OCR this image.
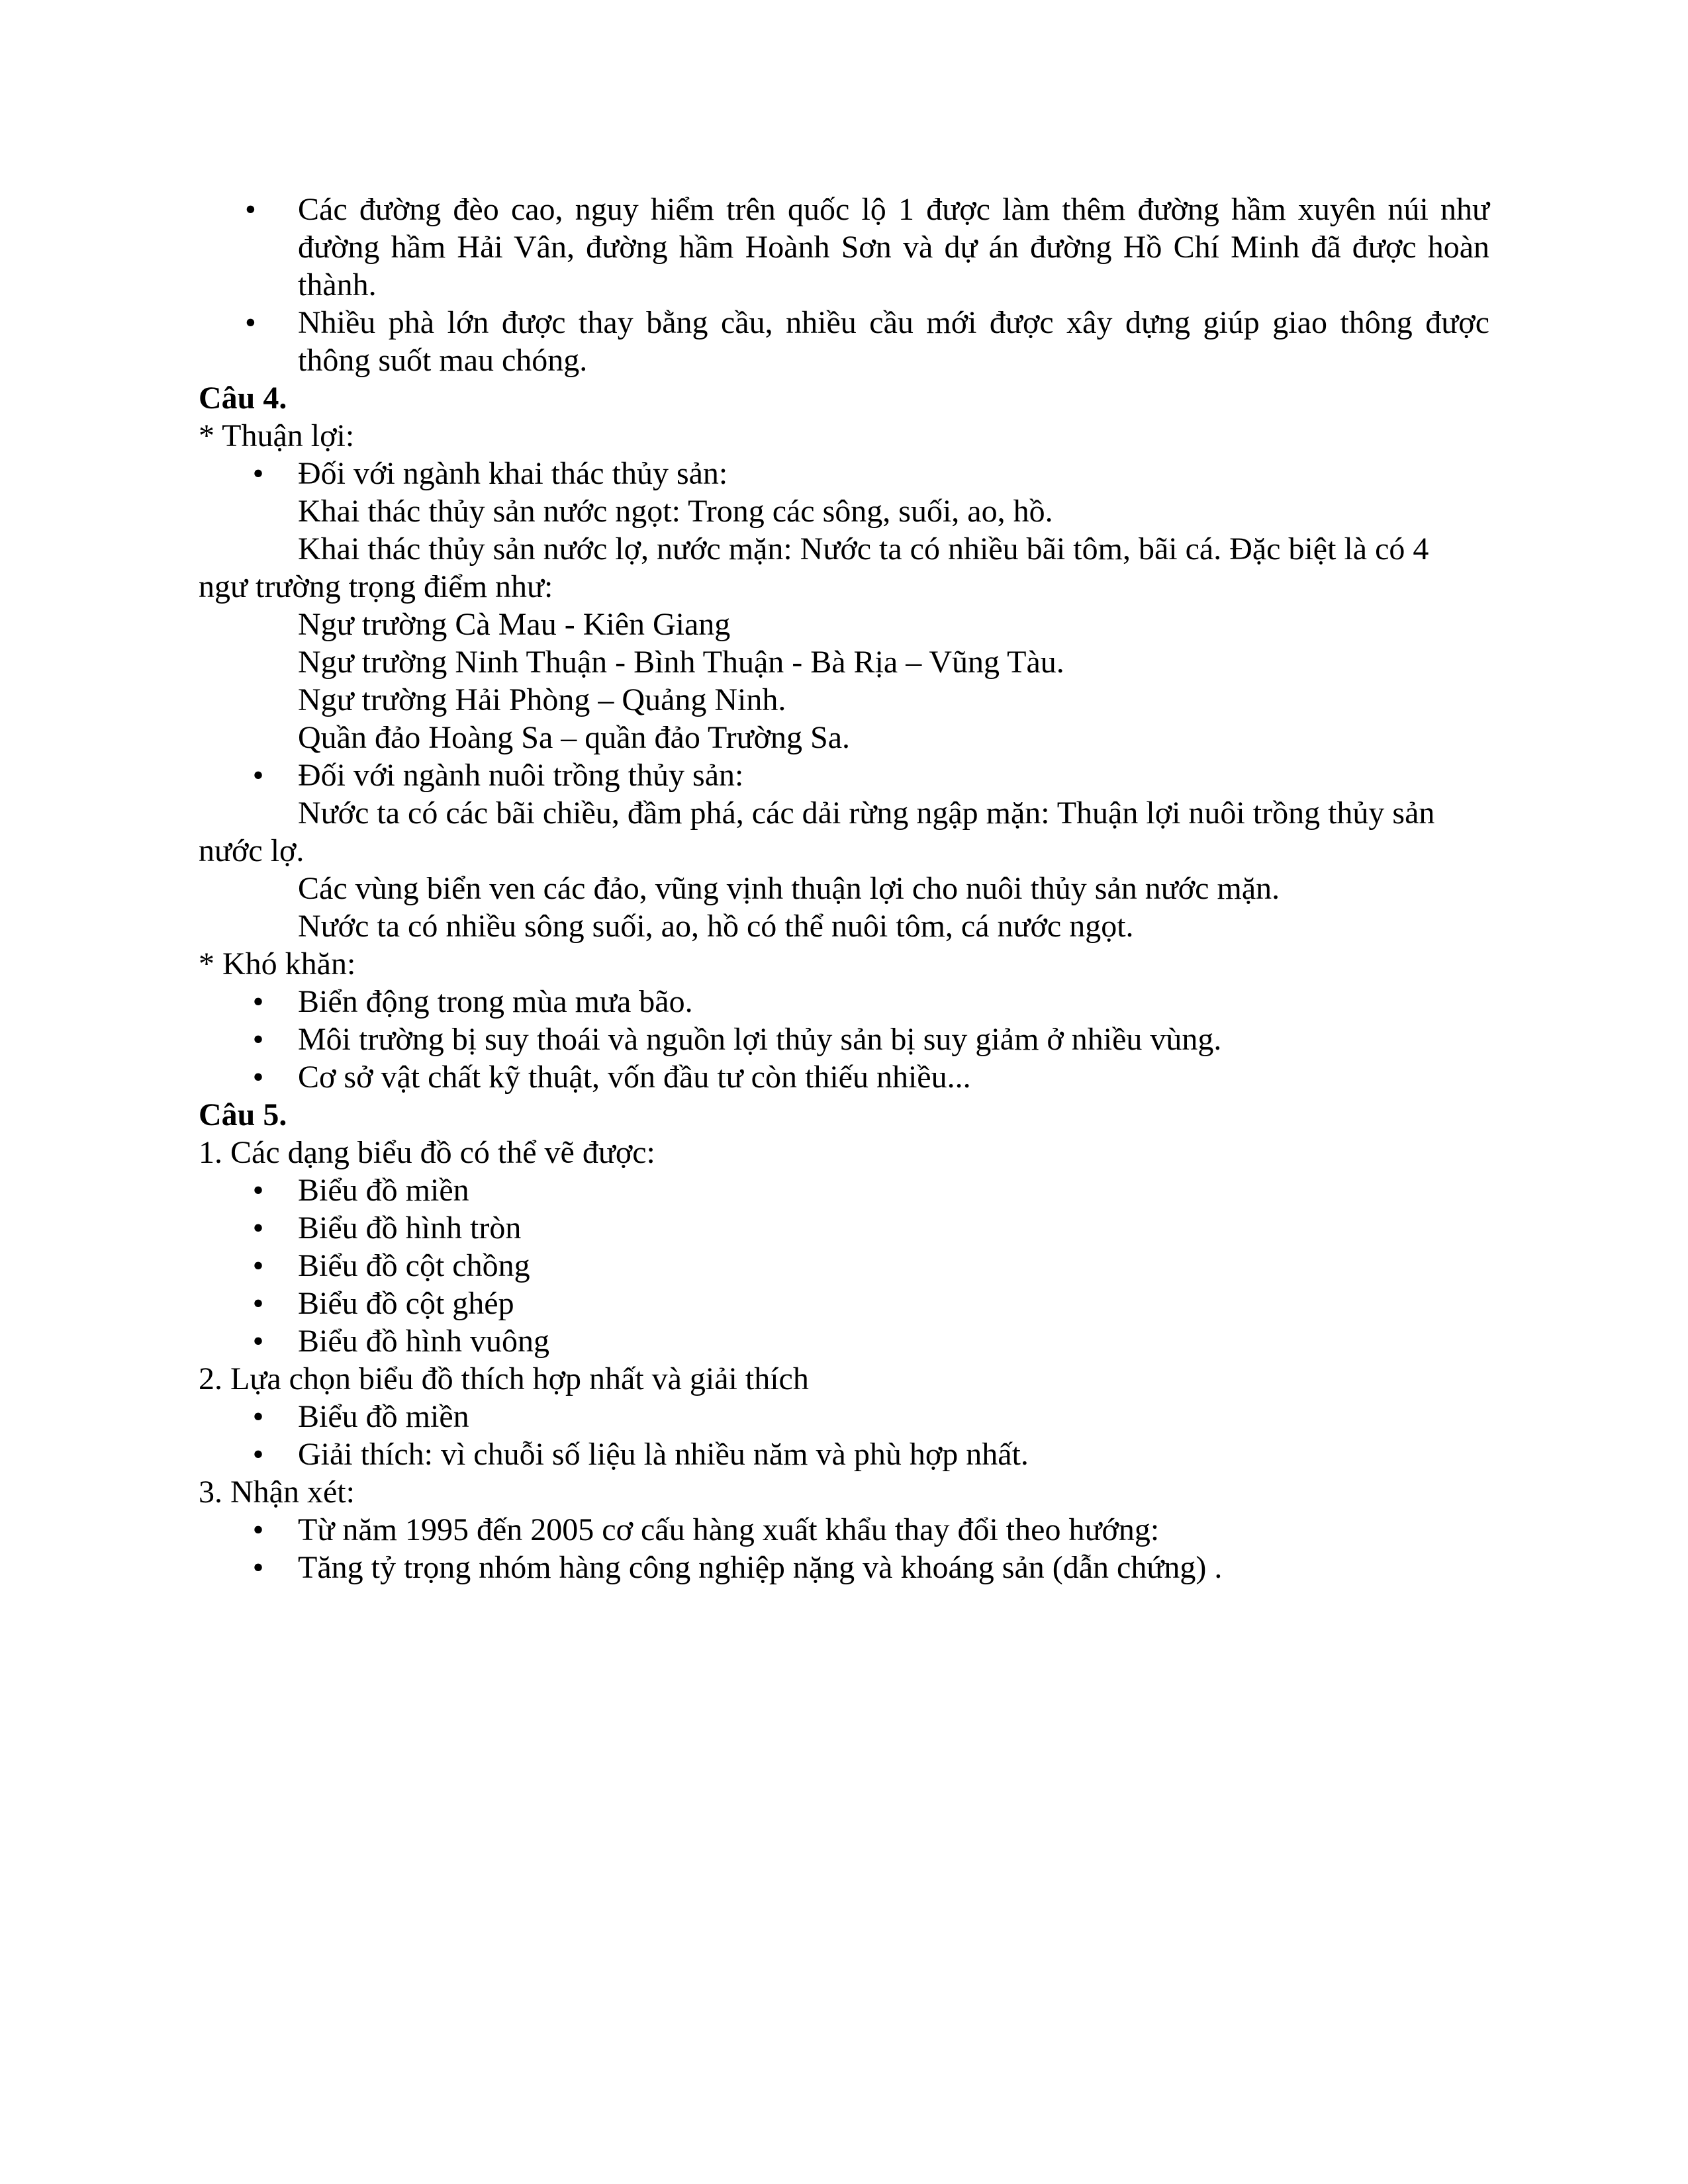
•	Các đường đèo cao, nguy hiểm trên quốc lộ 1 được làm thêm đường hầm xuyên núi như đường hầm Hải Vân, đường hầm Hoành Sơn và dự án đường Hồ Chí Minh đã được hoàn thành.
•	Nhiều phà lớn được thay bằng cầu, nhiều cầu mới được xây dựng giúp giao thông được thông suốt mau chóng.
Câu 4.
* Thuận lợi:
• Đối với ngành khai thác thủy sản:
Khai thác thủy sản nước ngọt: Trong các sông, suối, ao, hồ.
Khai thác thủy sản nước lợ, nước mặn: Nước ta có nhiều bãi tôm, bãi cá. Đặc biệt là có 4
ngư trường trọng điểm như:
Ngư trường Cà Mau - Kiên Giang
Ngư trường Ninh Thuận - Bình Thuận - Bà Rịa – Vũng Tàu.
Ngư trường Hải Phòng – Quảng Ninh.
Quần đảo Hoàng Sa – quần đảo Trường Sa.
• Đối với ngành nuôi trồng thủy sản:
Nước ta có các bãi chiều, đầm phá, các dải rừng ngập mặn: Thuận lợi nuôi trồng thủy sản
nước lợ.
Các vùng biển ven các đảo, vũng vịnh thuận lợi cho nuôi thủy sản nước mặn.
Nước ta có nhiều sông suối, ao, hồ có thể nuôi tôm, cá nước ngọt.
* Khó khăn:
• Biển động trong mùa mưa bão.
• Môi trường bị suy thoái và nguồn lợi thủy sản bị suy giảm ở nhiều vùng.
• Cơ sở vật chất kỹ thuật, vốn đầu tư còn thiếu nhiều...
Câu 5.
1. Các dạng biểu đồ có thể vẽ được:
• Biểu đồ miền
• Biểu đồ hình tròn
• Biểu đồ cột chồng
• Biểu đồ cột ghép
• Biểu đồ hình vuông
2. Lựa chọn biểu đồ thích hợp nhất và giải thích
• Biểu đồ miền
• Giải thích: vì chuỗi số liệu là nhiều năm và phù hợp nhất.
3. Nhận xét:
• Từ năm 1995 đến 2005 cơ cấu hàng xuất khẩu thay đổi theo hướng:
• Tăng tỷ trọng nhóm hàng công nghiệp nặng và khoáng sản (dẫn chứng) .
